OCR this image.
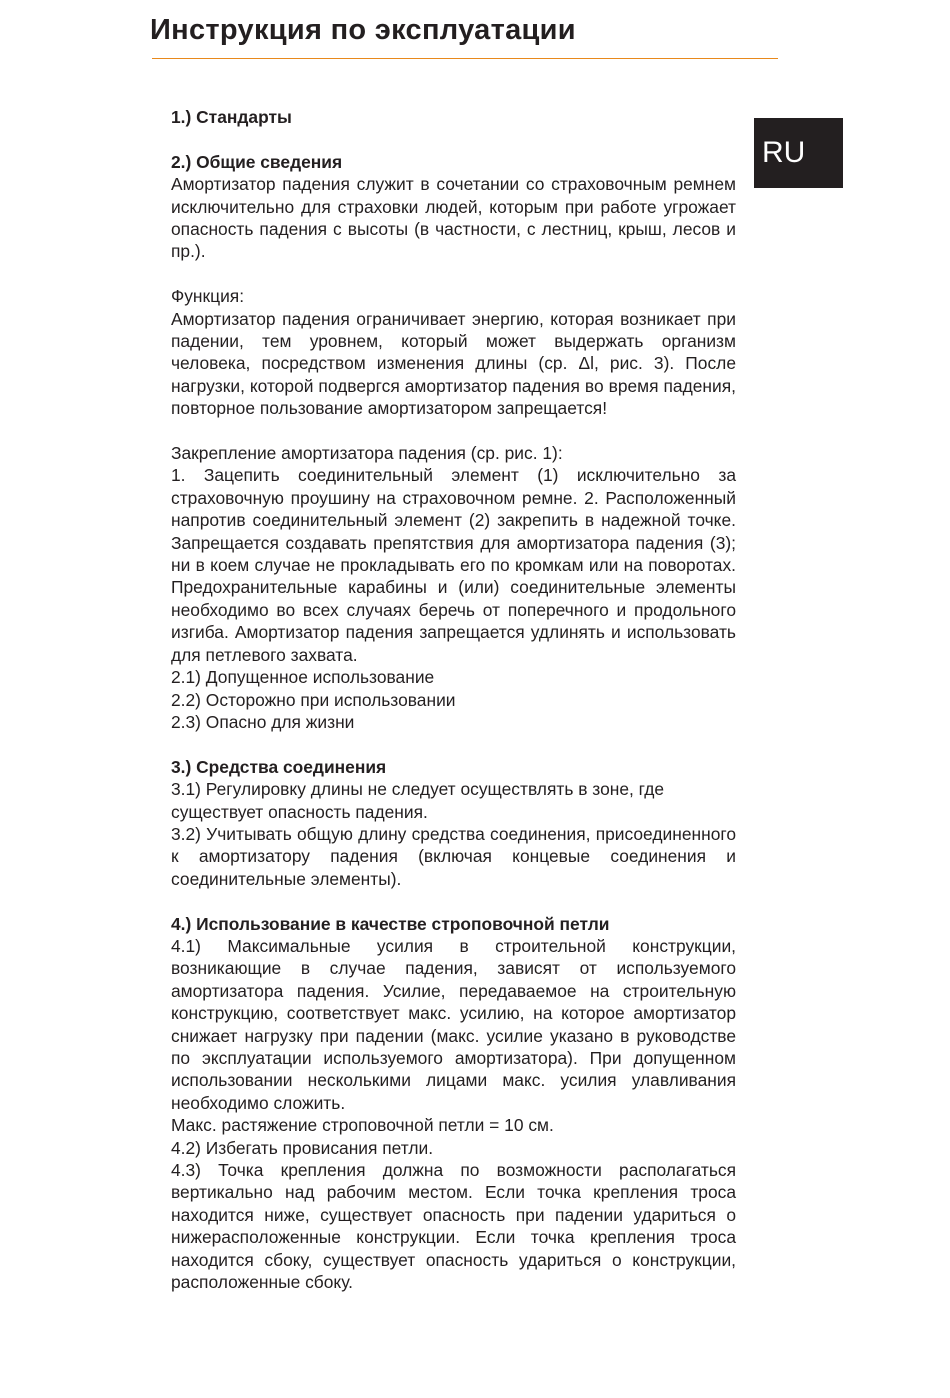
Инструкция по эксплуатации
RU

1.) Стандарты

2.) Общие сведения

Амортизатор падения служит в сочетании со страховочным ремнем исключительно для страховки людей, которым при работе угрожает опасность падения с высоты (в частности, с лестниц, крыш, лесов и пр.).

Функция:

Амортизатор падения ограничивает энергию, которая возникает при падении, тем уровнем, который может выдержать организм человека, посредством изменения длины (ср. Δl, рис. 3). После нагрузки, которой подвергся амортизатор падения во время падения, повторное пользование амортизатором запрещается!

Закрепление амортизатора падения (ср. рис. 1):

1. Зацепить соединительный элемент (1) исключительно за страховочную проушину на страховочном ремне. 2. Расположенный напротив соединительный элемент (2) закрепить в надежной точке. Запрещается создавать препятствия для амортизатора падения (3); ни в коем случае не прокладывать его по кромкам или на поворотах. Предохранительные карабины и (или) соединительные элементы необходимо во всех случаях беречь от поперечного и продольного изгиба. Амортизатор падения запрещается удлинять и использовать для петлевого захвата.

2.1) Допущенное использование

2.2) Осторожно при использовании

2.3) Опасно для жизни

3.) Средства соединения

3.1) Регулировку длины не следует осуществлять в зоне, где существует опасность падения.

3.2) Учитывать общую длину средства соединения, присоединенного к амортизатору падения (включая концевые соединения и соединительные элементы).

4.) Использование в качестве строповочной петли

4.1) Максимальные усилия в строительной конструкции, возникающие в случае падения, зависят от используемого амортизатора падения. Усилие, передаваемое на строительную конструкцию, соответствует макс. усилию, на которое амортизатор снижает нагрузку при падении (макс. усилие указано в руководстве по эксплуатации используемого амортизатора). При допущенном использовании несколькими лицами макс. усилия улавливания необходимо сложить.

Макс. растяжение строповочной петли = 10 см.

4.2) Избегать провисания петли.

4.3) Точка крепления должна по возможности располагаться вертикально над рабочим местом. Если точка крепления троса находится ниже, существует опасность при падении удариться о нижерасположенные конструкции. Если точка крепления троса находится сбоку, существует опасность удариться о конструкции, расположенные сбоку.
